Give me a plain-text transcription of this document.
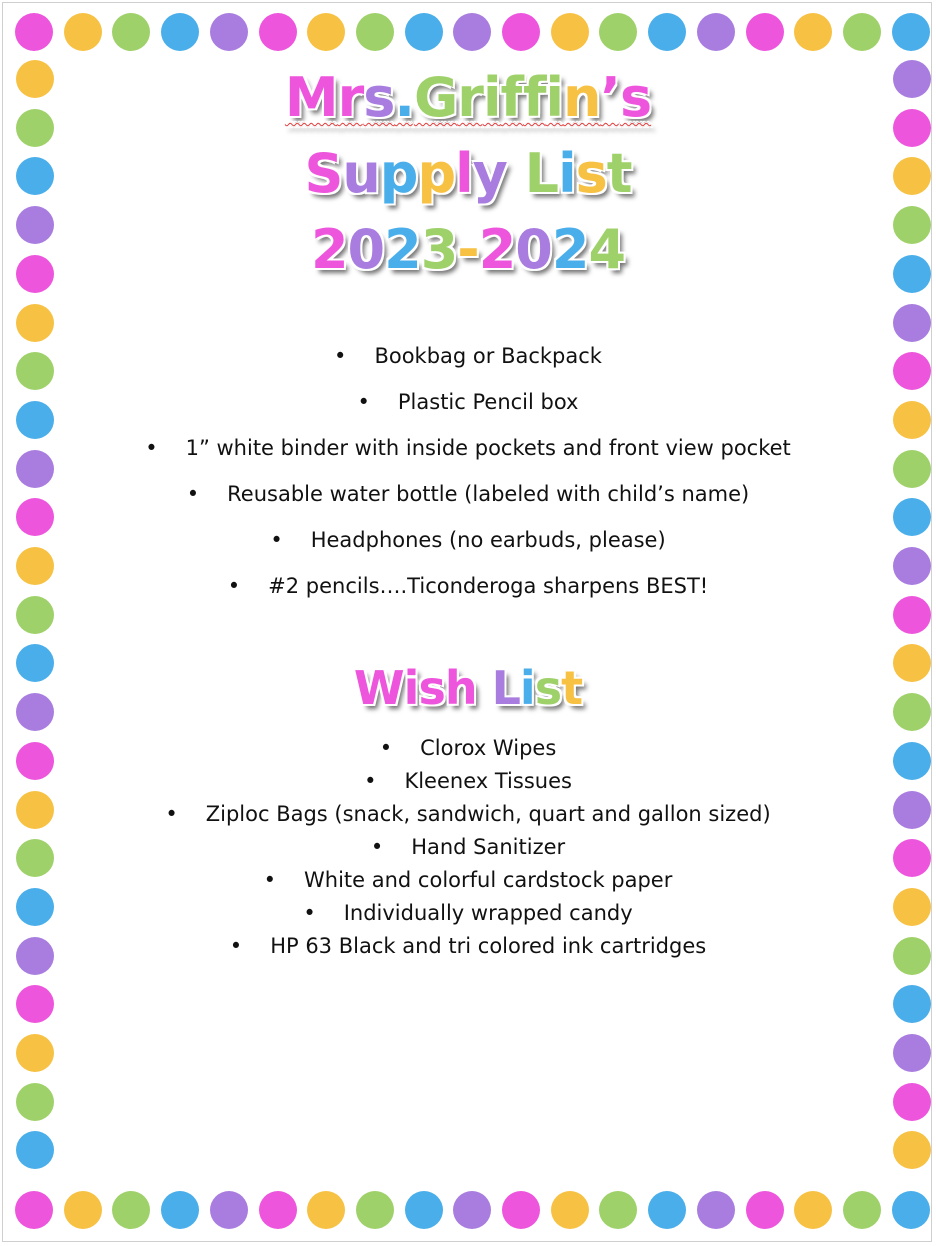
Mrs.Griffin’s
Supply List
2023-2024
• Bookbag or Backpack
• Plastic Pencil box
• 1” white binder with inside pockets and front view pocket
• Reusable water bottle (labeled with child’s name)
• Headphones (no earbuds, please)
• #2 pencils….Ticonderoga sharpens BEST!
Wish List
• Clorox Wipes
• Kleenex Tissues
• Ziploc Bags (snack, sandwich, quart and gallon sized)
• Hand Sanitizer
• White and colorful cardstock paper
• Individually wrapped candy
• HP 63 Black and tri colored ink cartridges
